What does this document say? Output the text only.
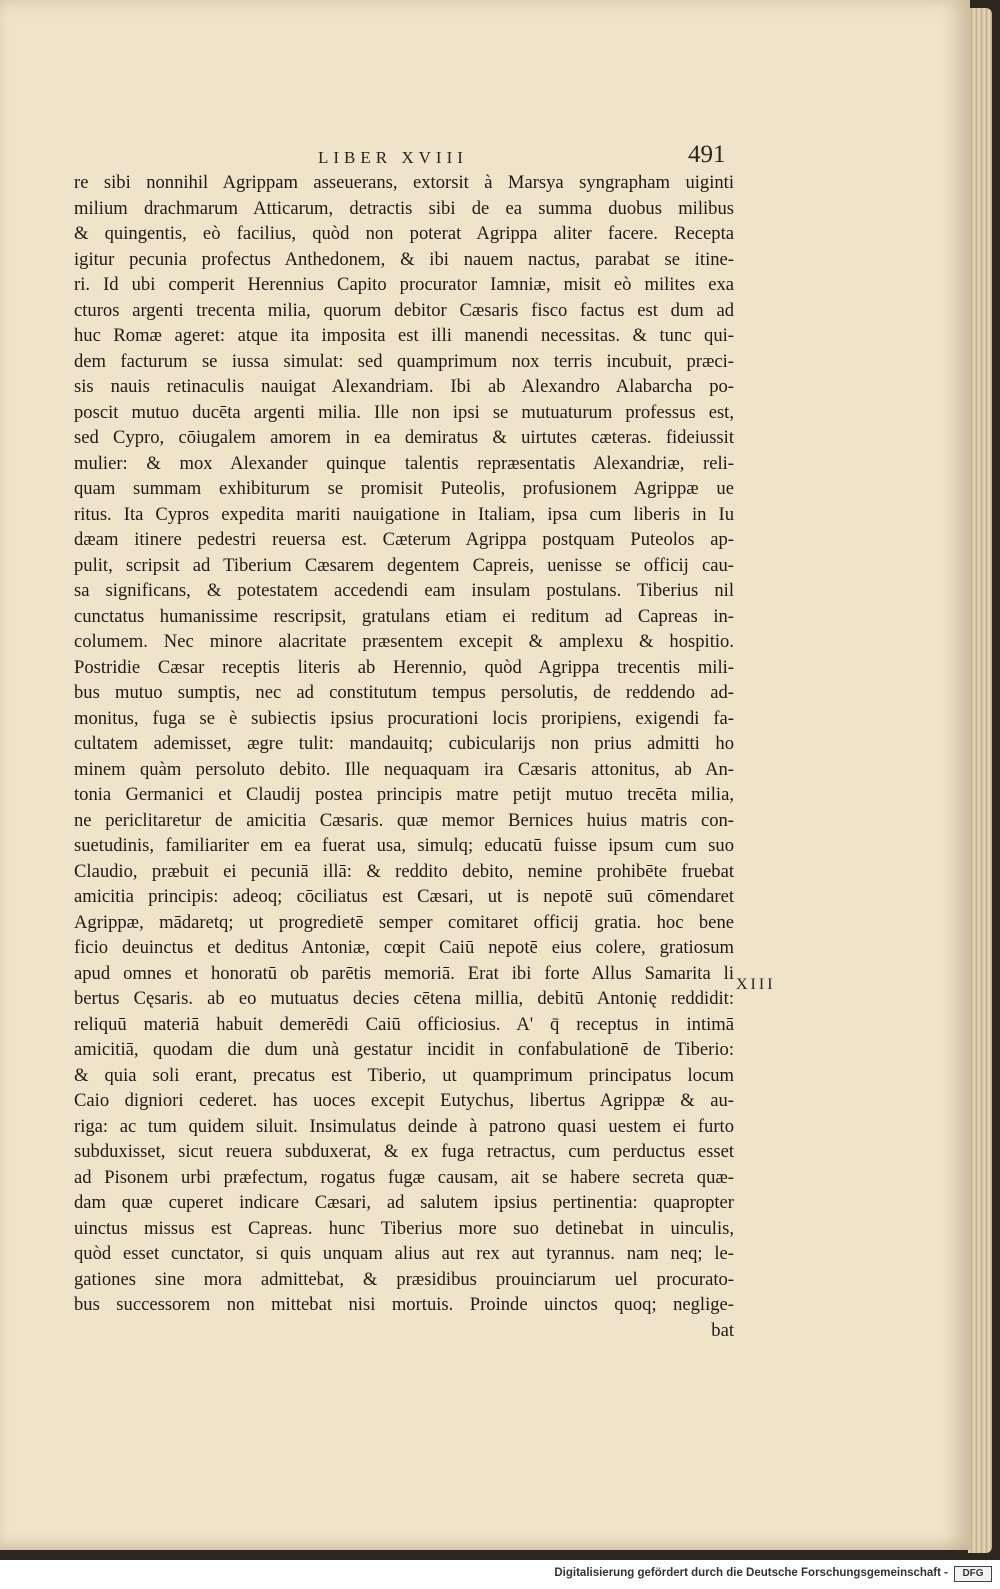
LIBER XVIII	491
re sibi nonnihil Agrippam asseuerans, extorsit à Marsya syngrapham uiginti
milium drachmarum Atticarum, detractis sibi de ea summa duobus milibus
& quingentis, eò facilius, quòd non poterat Agrippa aliter facere. Recepta
igitur pecunia profectus Anthedonem, & ibi nauem nactus, parabat se itine-
ri. Id ubi comperit Herennius Capito procurator Iamniæ, misit eò milites exa
cturos argenti trecenta milia, quorum debitor Cæsaris fisco factus est dum ad
huc Romæ ageret: atque ita imposita est illi manendi necessitas. & tunc qui-
dem facturum se iussa simulat: sed quamprimum nox terris incubuit, præci-
sis nauis retinaculis nauigat Alexandriam. Ibi ab Alexandro Alabarcha po-
poscit mutuo ducēta argenti milia. Ille non ipsi se mutuaturum professus est,
sed Cypro, cōiugalem amorem in ea demiratus & uirtutes cæteras. fideiussit
mulier: & mox Alexander quinque talentis repræsentatis Alexandriæ, reli-
quam summam exhibiturum se promisit Puteolis, profusionem Agrippæ ue
ritus. Ita Cypros expedita mariti nauigatione in Italiam, ipsa cum liberis in Iu
dæam itinere pedestri reuersa est. Cæterum Agrippa postquam Puteolos ap-
pulit, scripsit ad Tiberium Cæsarem degentem Capreis, uenisse se officij cau-
sa significans, & potestatem accedendi eam insulam postulans. Tiberius nil
cunctatus humanissime rescripsit, gratulans etiam ei reditum ad Capreas in-
columem. Nec minore alacritate præsentem excepit & amplexu & hospitio.
Postridie Cæsar receptis literis ab Herennio, quòd Agrippa trecentis mili-
bus mutuo sumptis, nec ad constitutum tempus persolutis, de reddendo ad-
monitus, fuga se è subiectis ipsius procurationi locis proripiens, exigendi fa-
cultatem ademisset, ægre tulit: mandauitq; cubicularijs non prius admitti ho
minem quàm persoluto debito. Ille nequaquam ira Cæsaris attonitus, ab An-
tonia Germanici et Claudij postea principis matre petijt mutuo trecēta milia,
ne periclitaretur de amicitia Cæsaris. quæ memor Bernices huius matris con-
suetudinis, familiariter em ea fuerat usa, simulq; educatū fuisse ipsum cum suo
Claudio, præbuit ei pecuniā illā: & reddito debito, nemine prohibēte fruebat
amicitia principis: adeoq; cōciliatus est Cæsari, ut is nepotē suū cōmendaret
Agrippæ, mādaretq; ut progredietē semper comitaret officij gratia. hoc bene
ficio deuinctus et deditus Antoniæ, cœpit Caiū nepotē eius colere, gratiosum
apud omnes et honoratū ob parētis memoriā. Erat ibi forte Allus Samarita li
bertus Cęsaris. ab eo mutuatus decies cētena millia, debitū Antonię reddidit:
reliquū materiā habuit demerēdi Caiū officiosius. A' q̄ receptus in intimā
amicitiā, quodam die dum unà gestatur incidit in confabulationē de Tiberio:
& quia soli erant, precatus est Tiberio, ut quamprimum principatus locum
Caio digniori cederet. has uoces excepit Eutychus, libertus Agrippæ & au-
riga: ac tum quidem siluit. Insimulatus deinde à patrono quasi uestem ei furto
subduxisset, sicut reuera subduxerat, & ex fuga retractus, cum perductus esset
ad Pisonem urbi præfectum, rogatus fugæ causam, ait se habere secreta quæ-
dam quæ cuperet indicare Cæsari, ad salutem ipsius pertinentia: quapropter
uinctus missus est Capreas. hunc Tiberius more suo detinebat in uinculis,
quòd esset cunctator, si quis unquam alius aut rex aut tyrannus. nam neq; le-
gationes sine mora admittebat, & præsidibus prouinciarum uel procurato-
bus successorem non mittebat nisi mortuis. Proinde uinctos quoq; neglige-
bat
XIII
Digitalisierung gefördert durch die Deutsche Forschungsgemeinschaft -	DFG
